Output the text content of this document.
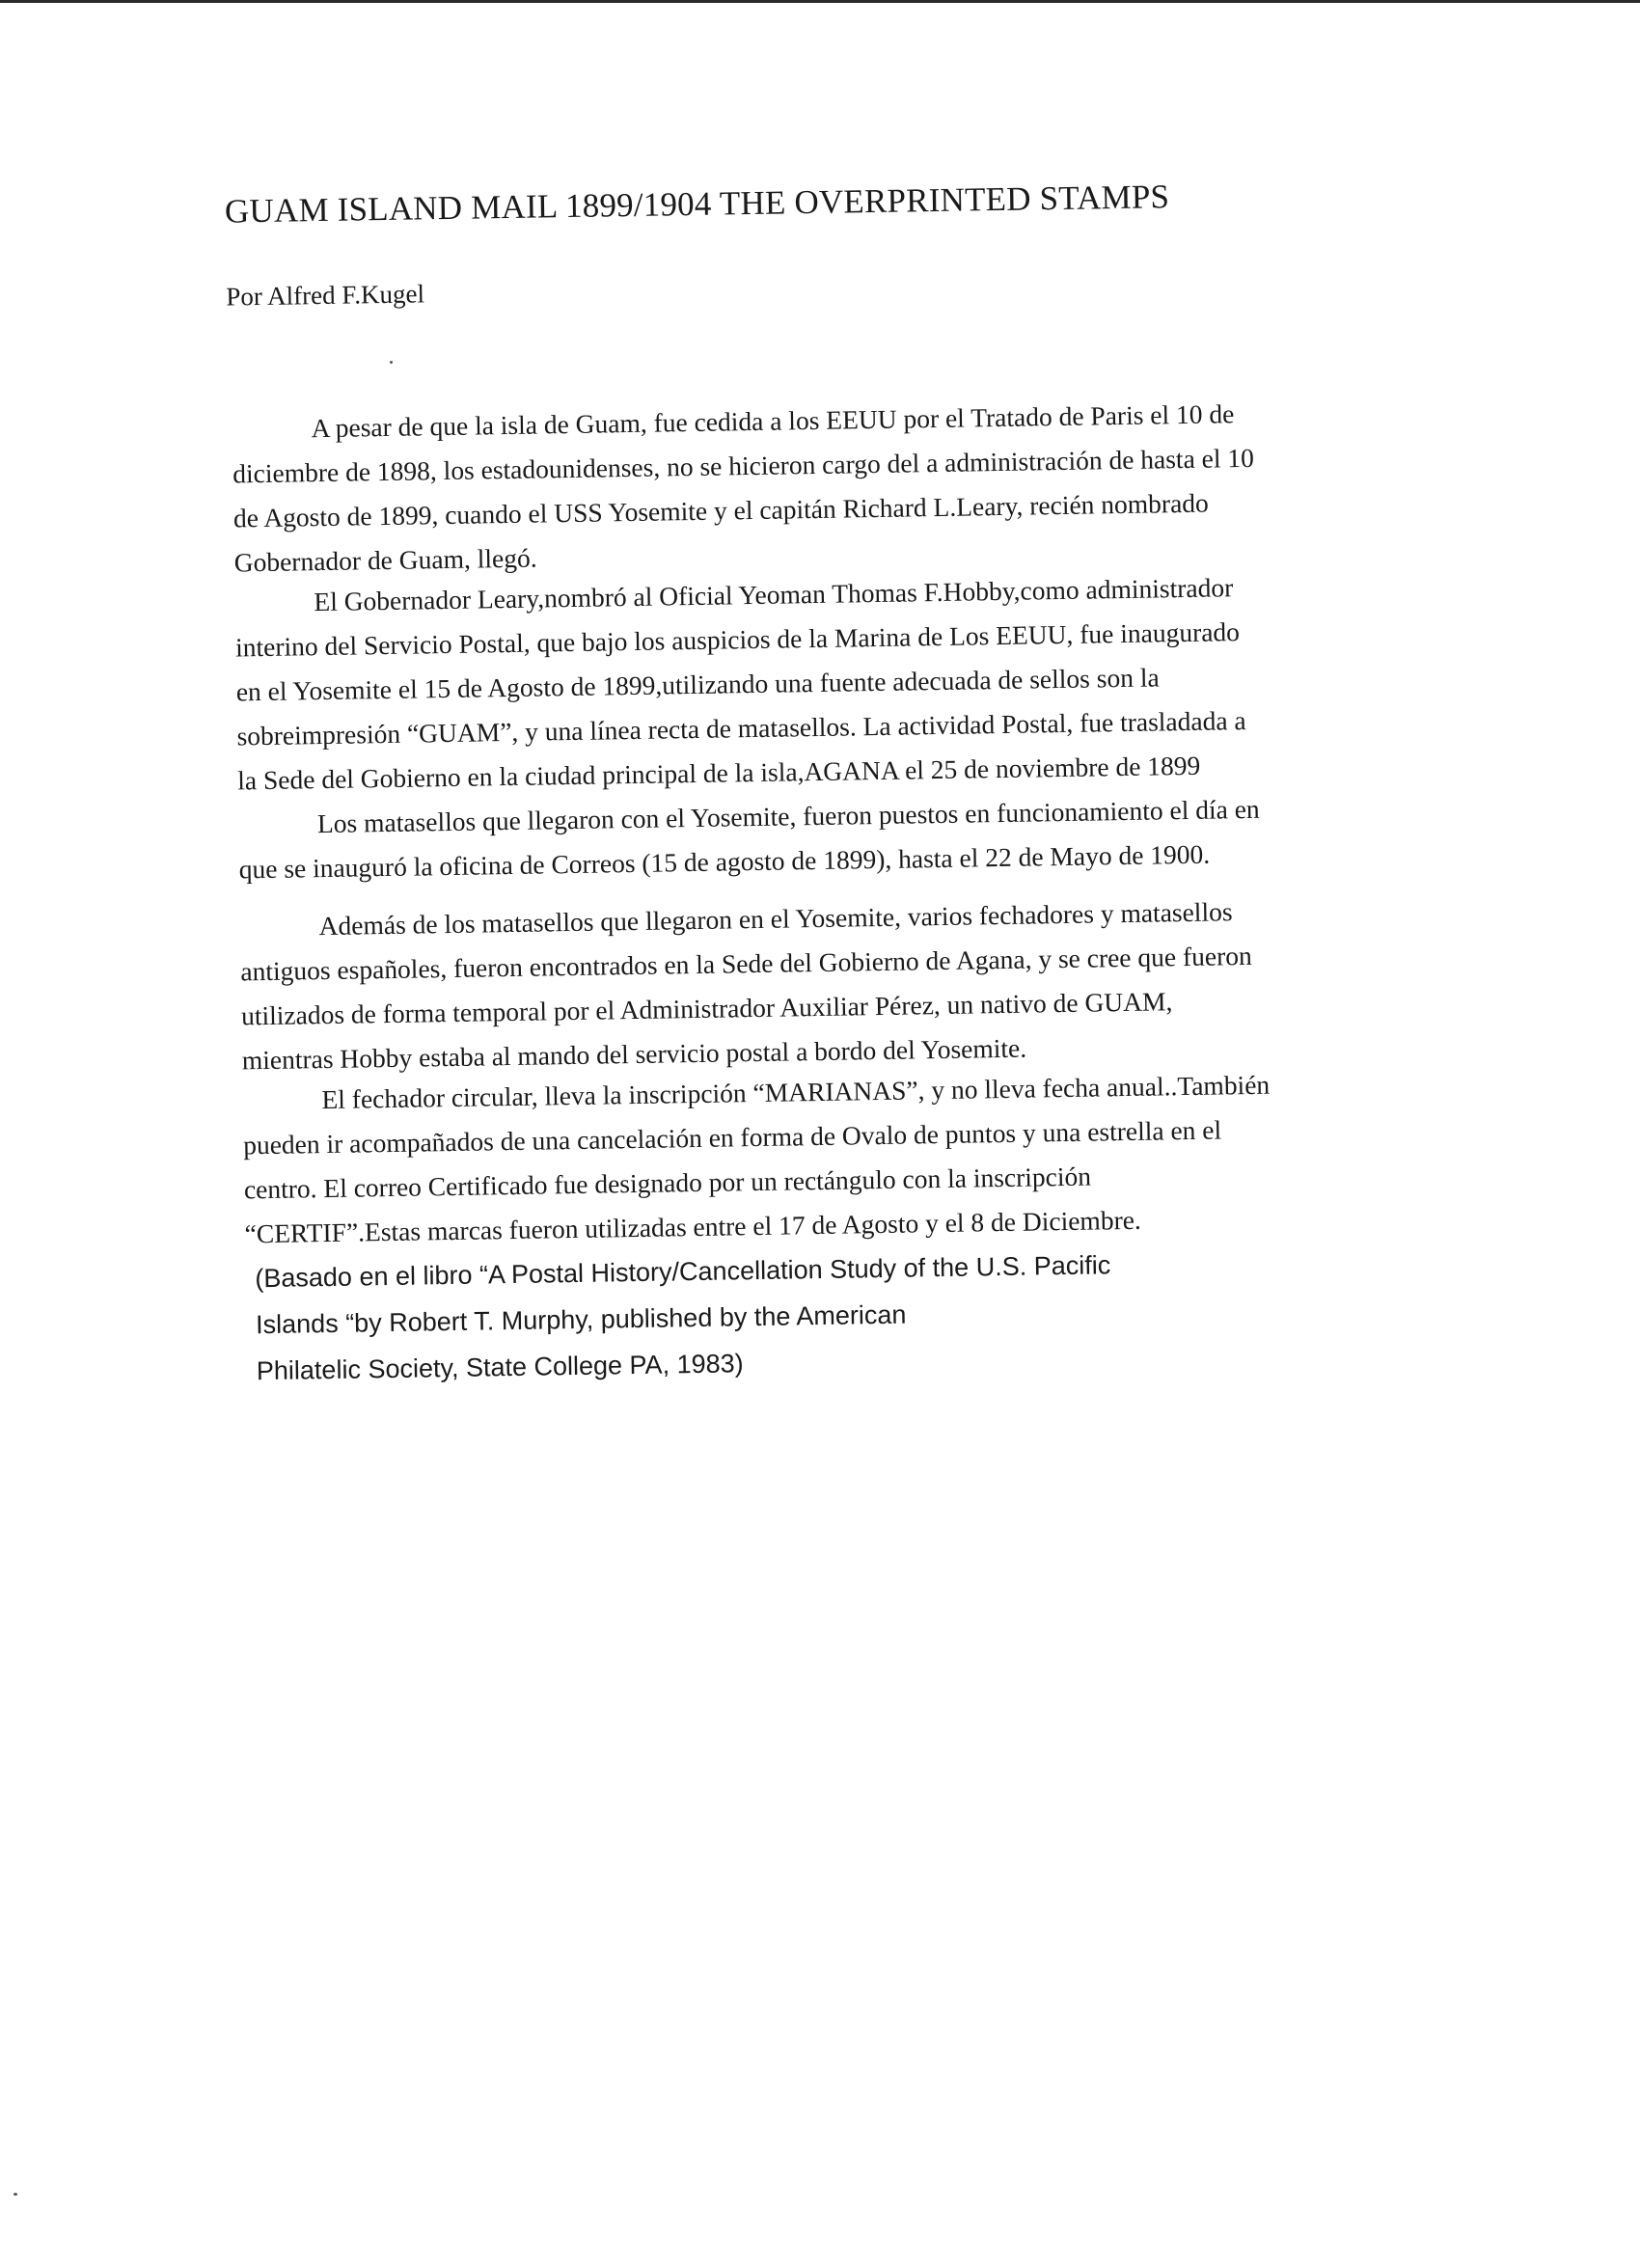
GUAM ISLAND MAIL 1899/1904 THE OVERPRINTED STAMPS
Por Alfred F.Kugel

A pesar de que la isla de Guam, fue cedida a los EEUU por el Tratado de Paris el 10 de
diciembre de 1898, los estadounidenses, no se hicieron cargo del a administración de hasta el 10
de Agosto de 1899, cuando el USS Yosemite y el capitán Richard L.Leary, recién nombrado
Gobernador de Guam, llegó.

El Gobernador Leary,nombró al Oficial Yeoman Thomas F.Hobby,como administrador
interino del Servicio Postal, que bajo los auspicios de la Marina de Los EEUU, fue inaugurado
en el Yosemite el 15 de Agosto de 1899,utilizando una fuente adecuada de sellos son la
sobreimpresión “GUAM”, y una línea recta de matasellos. La actividad Postal, fue trasladada a
la Sede del Gobierno en la ciudad principal de la isla,AGANA el 25 de noviembre de 1899

Los matasellos que llegaron con el Yosemite, fueron puestos en funcionamiento el día en
que se inauguró la oficina de Correos (15 de agosto de 1899), hasta el 22 de Mayo de 1900.

Además de los matasellos que llegaron en el Yosemite, varios fechadores y matasellos
antiguos españoles, fueron encontrados en la Sede del Gobierno de Agana, y se cree que fueron
utilizados de forma temporal por el Administrador Auxiliar Pérez, un nativo de GUAM,
mientras Hobby estaba al mando del servicio postal a bordo del Yosemite.

El fechador circular, lleva la inscripción “MARIANAS”, y no lleva fecha anual..También
pueden ir acompañados de una cancelación en forma de Ovalo de puntos y una estrella en el
centro. El correo Certificado fue designado por un rectángulo con la inscripción
“CERTIF”.Estas marcas fueron utilizadas entre el 17 de Agosto y el 8 de Diciembre.

(Basado en el libro “A Postal History/Cancellation Study of the U.S. Pacific
Islands “by Robert T. Murphy, published by the American
Philatelic Society, State College PA, 1983)
